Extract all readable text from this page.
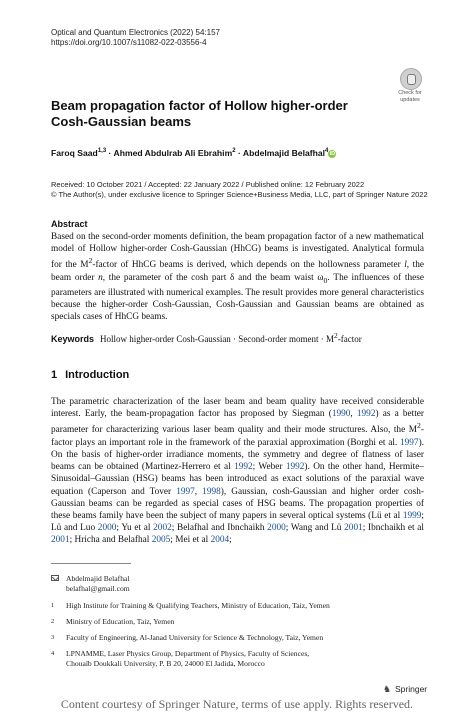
Optical and Quantum Electronics (2022) 54:157
https://doi.org/10.1007/s11082-022-03556-4
Check for
updates
Beam propagation factor of Hollow higher-order Cosh-Gaussian beams
Faroq Saad$^{1,3}$ · Ahmed Abdulrab Ali Ebrahim$^2$ · Abdelmajid Belafhal$^4$iD
Received: 10 October 2021 / Accepted: 22 January 2022 / Published online: 12 February 2022
© The Author(s), under exclusive licence to Springer Science+Business Media, LLC, part of Springer Nature 2022
Abstract

Based on the second-order moments definition, the beam propagation factor of a new mathematical model of Hollow higher-order Cosh-Gaussian (HhCG) beams is investigated. Analytical formula for the $M^2$-factor of HhCG beams is derived, which depends on the hollowness parameter l, the beam order n, the parameter of the cosh part δ and the beam waist $\omega_0$. The influences of these parameters are illustrated with numerical examples. The result provides more general characteristics because the higher-order Cosh-Gaussian, Cosh-Gaussian and Gaussian beams are obtained as specials cases of HhCG beams.

Keywords Hollow higher-order Cosh-Gaussian · Second-order moment · $M^2$-factor
1 Introduction

The parametric characterization of the laser beam and beam quality have received considerable interest. Early, the beam-propagation factor has proposed by Siegman (1990, 1992) as a better parameter for characterizing various laser beam quality and their mode structures. Also, the $M^2$-factor plays an important role in the framework of the paraxial approximation (Borghi et al. 1997). On the basis of higher-order irradiance moments, the symmetry and degree of flatness of laser beams can be obtained (Martinez-Herrero et al 1992; Weber 1992). On the other hand, Hermite–Sinusoidal–Gaussian (HSG) beams has been introduced as exact solutions of the paraxial wave equation (Caperson and Tover 1997, 1998), Gaussian, cosh-Gaussian and higher order cosh-Gaussian beams can be regarded as special cases of HSG beams. The propagation properties of these beams family have been the subject of many papers in several optical systems (Lü et al 1999; Lü and Luo 2000; Yu et al 2002; Belafhal and Ibnchaikh 2000; Wang and Lü 2001; Ibnchaikh et al 2001; Hricha and Belafhal 2005; Mei et al 2004;

Abdelmajid Belafhal
belafhal@gmail.com
1 High Institute for Training & Qualifying Teachers, Ministry of Education, Taiz, Yemen
2 Ministry of Education, Taiz, Yemen
3 Faculty of Engineering, Al-Janad University for Science & Technology, Taiz, Yemen
4 LPNAMME, Laser Physics Group, Department of Physics, Faculty of Sciences,
Chouaïb Doukkali University, P. B 20, 24000 El Jadida, Morocco
♞ Springer
Content courtesy of Springer Nature, terms of use apply. Rights reserved.
